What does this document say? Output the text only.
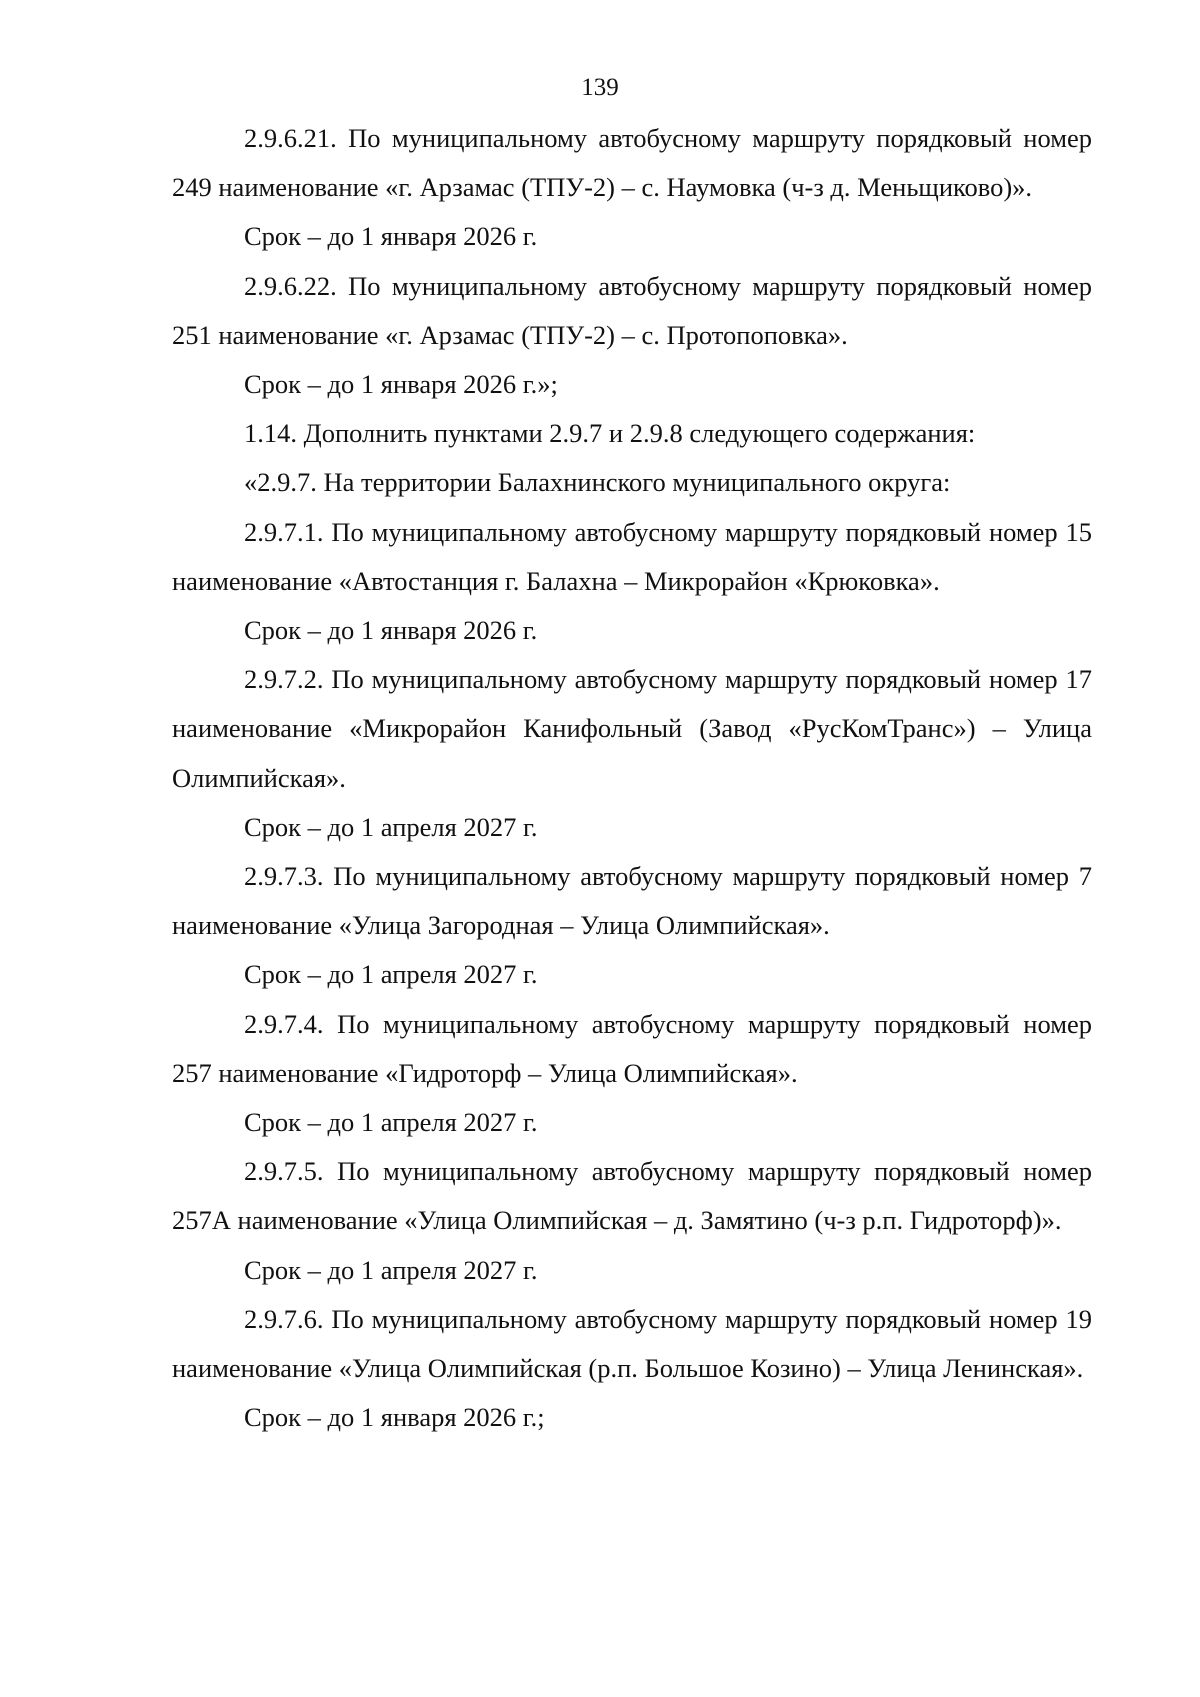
139

2.9.6.21. По муниципальному автобусному маршруту порядковый номер 249 наименование «г. Арзамас (ТПУ-2) – с. Наумовка (ч-з д. Меньщиково)».

Срок – до 1 января 2026 г.

2.9.6.22. По муниципальному автобусному маршруту порядковый номер 251 наименование «г. Арзамас (ТПУ-2) – с. Протопоповка».

Срок – до 1 января 2026 г.»;

1.14. Дополнить пунктами 2.9.7 и 2.9.8 следующего содержания:

«2.9.7. На территории Балахнинского муниципального округа:

2.9.7.1. По муниципальному автобусному маршруту порядковый номер 15 наименование «Автостанция г. Балахна – Микрорайон «Крюковка».

Срок – до 1 января 2026 г.

2.9.7.2. По муниципальному автобусному маршруту порядковый номер 17 наименование «Микрорайон Канифольный (Завод «РусКомТранс») – Улица Олимпийская».

Срок – до 1 апреля 2027 г.

2.9.7.3. По муниципальному автобусному маршруту порядковый номер 7 наименование «Улица Загородная – Улица Олимпийская».

Срок – до 1 апреля 2027 г.

2.9.7.4. По муниципальному автобусному маршруту порядковый номер 257 наименование «Гидроторф – Улица Олимпийская».

Срок – до 1 апреля 2027 г.

2.9.7.5. По муниципальному автобусному маршруту порядковый номер 257А наименование «Улица Олимпийская – д. Замятино (ч-з р.п. Гидроторф)».

Срок – до 1 апреля 2027 г.

2.9.7.6. По муниципальному автобусному маршруту порядковый номер 19 наименование «Улица Олимпийская (р.п. Большое Козино) – Улица Ленинская».

Срок – до 1 января 2026 г.;
